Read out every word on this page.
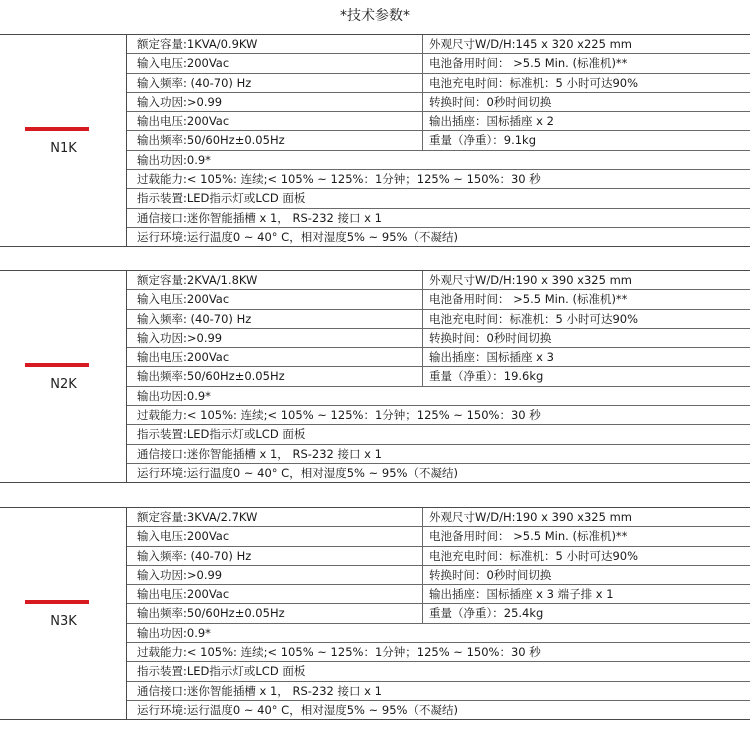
*技术参数*
N1K
额定容量:1KVA/0.9KW	外观尺寸W/D/H:145 x 320 x225 mm
输入电压:200Vac	电池备用时间： >5.5 Min. (标准机)**
输入频率: (40-70) Hz	电池充电时间：标准机：5 小时可达90%
输入功因:>0.99	转换时间：0秒时间切换
输出电压:200Vac	输出插座：国标插座 x 2
输出频率:50/60Hz±0.05Hz	重量（净重）：9.1kg
输出功因:0.9*
过载能力:< 105%: 连续;< 105% ~ 125%：1分钟；125% ~ 150%：30 秒
指示装置:LED指示灯或LCD 面板
通信接口:迷你智能插槽 x 1， RS-232 接口 x 1
运行环境:运行温度0 ~ 40° C，相对湿度5% ~ 95%（不凝结)
N2K
额定容量:2KVA/1.8KW	外观尺寸W/D/H:190 x 390 x325 mm
输入电压:200Vac	电池备用时间： >5.5 Min. (标准机)**
输入频率: (40-70) Hz	电池充电时间：标准机：5 小时可达90%
输入功因:>0.99	转换时间：0秒时间切换
输出电压:200Vac	输出插座：国标插座 x 3
输出频率:50/60Hz±0.05Hz	重量（净重）：19.6kg
输出功因:0.9*
过载能力:< 105%: 连续;< 105% ~ 125%：1分钟；125% ~ 150%：30 秒
指示装置:LED指示灯或LCD 面板
通信接口:迷你智能插槽 x 1， RS-232 接口 x 1
运行环境:运行温度0 ~ 40° C，相对湿度5% ~ 95%（不凝结)
N3K
额定容量:3KVA/2.7KW	外观尺寸W/D/H:190 x 390 x325 mm
输入电压:200Vac	电池备用时间： >5.5 Min. (标准机)**
输入频率: (40-70) Hz	电池充电时间：标准机：5 小时可达90%
输入功因:>0.99	转换时间：0秒时间切换
输出电压:200Vac	输出插座：国标插座 x 3 端子排 x 1
输出频率:50/60Hz±0.05Hz	重量（净重）：25.4kg
输出功因:0.9*
过载能力:< 105%: 连续;< 105% ~ 125%：1分钟；125% ~ 150%：30 秒
指示装置:LED指示灯或LCD 面板
通信接口:迷你智能插槽 x 1， RS-232 接口 x 1
运行环境:运行温度0 ~ 40° C，相对湿度5% ~ 95%（不凝结)
